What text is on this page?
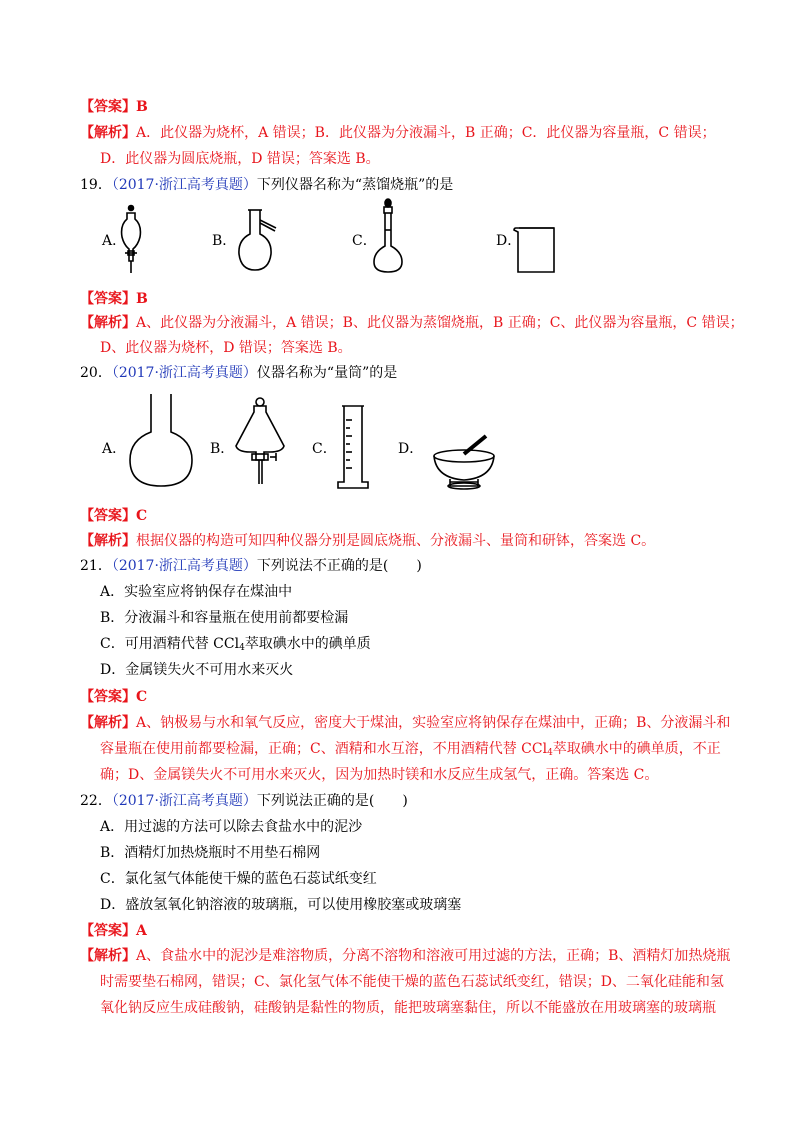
【答案】B
【解析】A．此仪器为烧杯，A 错误；B．此仪器为分液漏斗，B 正确；C．此仪器为容量瓶，C 错误；
D．此仪器为圆底烧瓶，D 错误；答案选 B。
19．（2017·浙江高考真题）下列仪器名称为“蒸馏烧瓶”的是
A．	B．	C．	D．
【答案】B
【解析】A、此仪器为分液漏斗，A 错误；B、此仪器为蒸馏烧瓶，B 正确；C、此仪器为容量瓶，C 错误；
D、此仪器为烧杯，D 错误；答案选 B。
20．（2017·浙江高考真题）仪器名称为“量筒”的是
A．	B．	C．	D．
【答案】C
【解析】根据仪器的构造可知四种仪器分别是圆底烧瓶、分液漏斗、量筒和研钵，答案选 C。
21．（2017·浙江高考真题）下列说法不正确的是(　　)
A．实验室应将钠保存在煤油中
B．分液漏斗和容量瓶在使用前都要检漏
C．可用酒精代替 CCl$_4$萃取碘水中的碘单质
D．金属镁失火不可用水来灭火
【答案】C
【解析】A、钠极易与水和氧气反应，密度大于煤油，实验室应将钠保存在煤油中，正确；B、分液漏斗和
容量瓶在使用前都要检漏，正确；C、酒精和水互溶，不用酒精代替 CCl$_4$萃取碘水中的碘单质，不正
确；D、金属镁失火不可用水来灭火，因为加热时镁和水反应生成氢气，正确。答案选 C。
22．（2017·浙江高考真题）下列说法正确的是(　　)
A．用过滤的方法可以除去食盐水中的泥沙
B．酒精灯加热烧瓶时不用垫石棉网
C．氯化氢气体能使干燥的蓝色石蕊试纸变红
D．盛放氢氧化钠溶液的玻璃瓶，可以使用橡胶塞或玻璃塞
【答案】A
【解析】A、食盐水中的泥沙是难溶物质，分离不溶物和溶液可用过滤的方法，正确；B、酒精灯加热烧瓶
时需要垫石棉网，错误；C、氯化氢气体不能使干燥的蓝色石蕊试纸变红，错误；D、二氧化硅能和氢
氧化钠反应生成硅酸钠，硅酸钠是黏性的物质，能把玻璃塞黏住，所以不能盛放在用玻璃塞的玻璃瓶
